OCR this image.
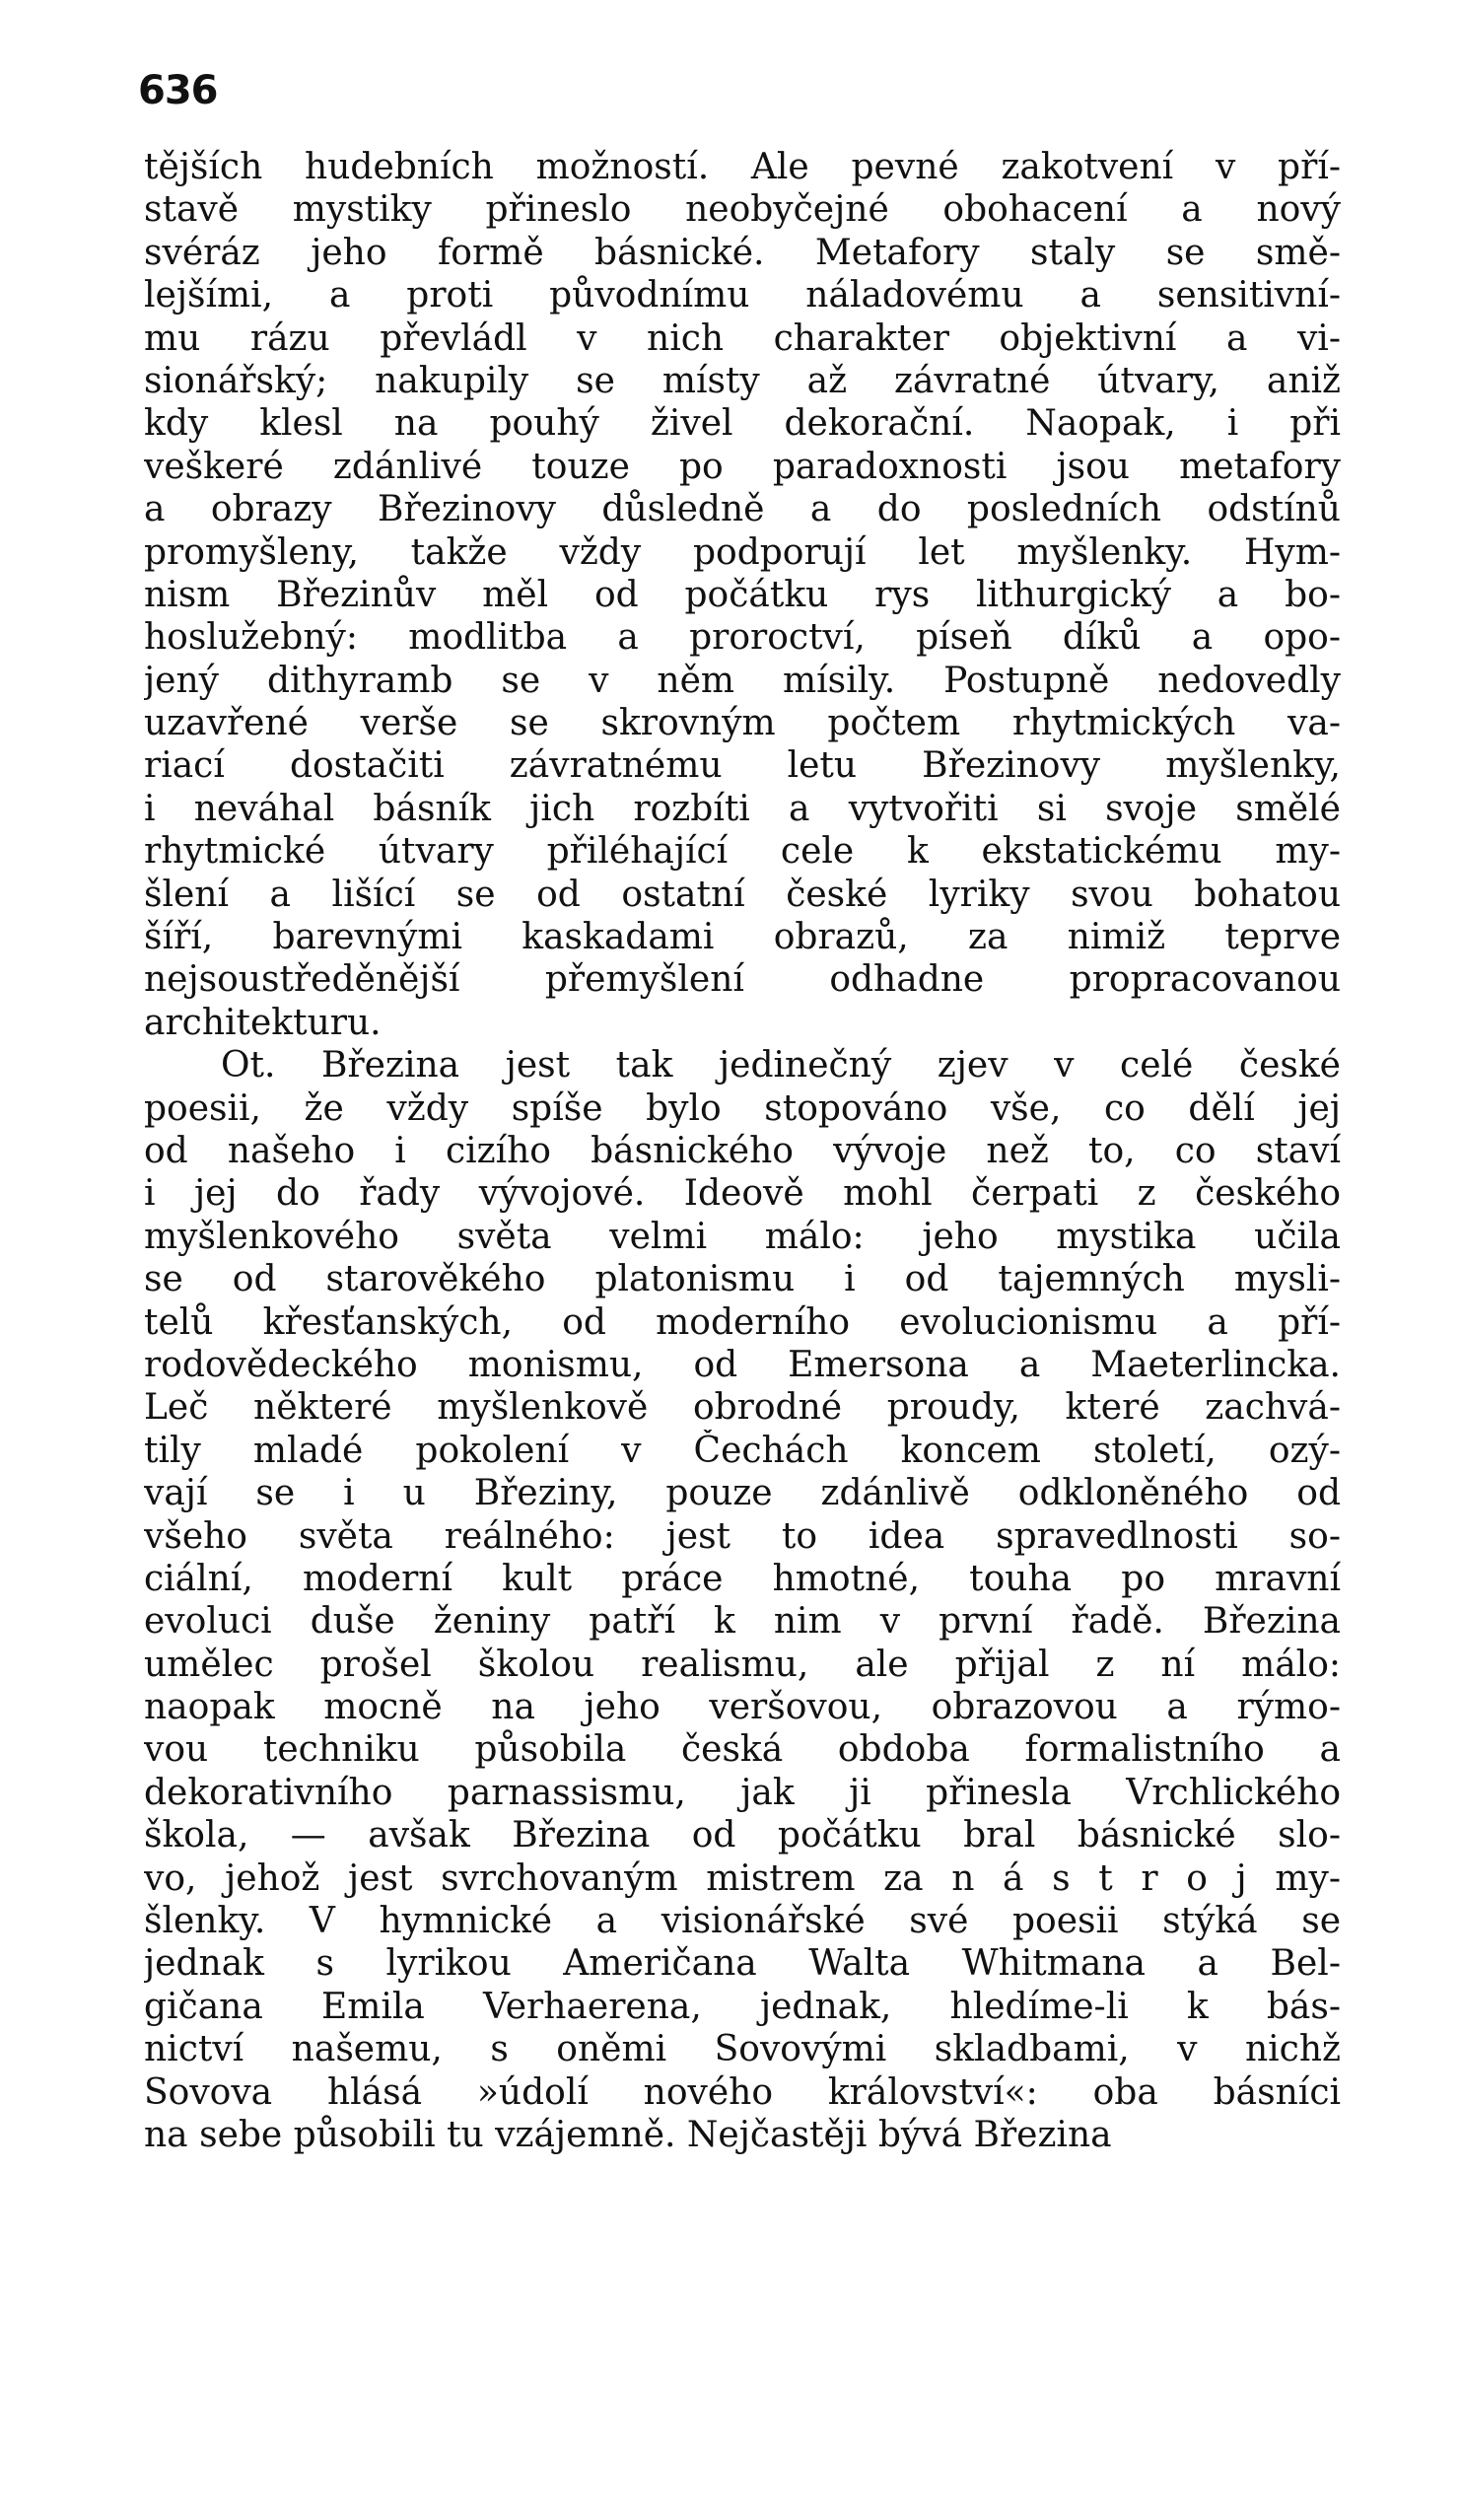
636
tějších hudebních možností. Ale pevné zakotvení v pří-
stavě mystiky přineslo neobyčejné obohacení a nový
svéráz jeho formě básnické. Metafory staly se smě-
lejšími, a proti původnímu náladovému a sensitivní-
mu rázu převládl v nich charakter objektivní a vi-
sionářský; nakupily se místy až závratné útvary, aniž
kdy klesl na pouhý živel dekorační. Naopak, i při
veškeré zdánlivé touze po paradoxnosti jsou metafory
a obrazy Březinovy důsledně a do posledních odstínů
promyšleny, takže vždy podporují let myšlenky. Hym-
nism Březinův měl od počátku rys lithurgický a bo-
hoslužebný: modlitba a proroctví, píseň díků a opo-
jený dithyramb se v něm mísily. Postupně nedovedly
uzavřené verše se skrovným počtem rhytmických va-
riací dostačiti závratnému letu Březinovy myšlenky,
i neváhal básník jich rozbíti a vytvořiti si svoje smělé
rhytmické útvary přiléhající cele k ekstatickému my-
šlení a lišící se od ostatní české lyriky svou bohatou
šíří, barevnými kaskadami obrazů, za nimiž teprve
nejsoustředěnější přemyšlení odhadne propracovanou
architekturu.
Ot. Březina jest tak jedinečný zjev v celé české
poesii, že vždy spíše bylo stopováno vše, co dělí jej
od našeho i cizího básnického vývoje než to, co staví
i jej do řady vývojové. Ideově mohl čerpati z českého
myšlenkového světa velmi málo: jeho mystika učila
se od starověkého platonismu i od tajemných mysli-
telů křesťanských, od moderního evolucionismu a pří-
rodovědeckého monismu, od Emersona a Maeterlincka.
Leč některé myšlenkově obrodné proudy, které zachvá-
tily mladé pokolení v Čechách koncem století, ozý-
vají se i u Březiny, pouze zdánlivě odkloněného od
všeho světa reálného: jest to idea spravedlnosti so-
ciální, moderní kult práce hmotné, touha po mravní
evoluci duše ženiny patří k nim v první řadě. Březina
umělec prošel školou realismu, ale přijal z ní málo:
naopak mocně na jeho veršovou, obrazovou a rýmo-
vou techniku působila česká obdoba formalistního a
dekorativního parnassismu, jak ji přinesla Vrchlického
škola, — avšak Březina od počátku bral básnické slo-
vo, jehož jest svrchovaným mistrem za n á s t r o j my-
šlenky. V hymnické a visionářské své poesii stýká se
jednak s lyrikou Američana Walta Whitmana a Bel-
gičana Emila Verhaerena, jednak, hledíme-li k bás-
nictví našemu, s oněmi Sovovými skladbami, v nichž
Sovova hlásá »údolí nového království«: oba básníci
na sebe působili tu vzájemně. Nejčastěji bývá Březina
